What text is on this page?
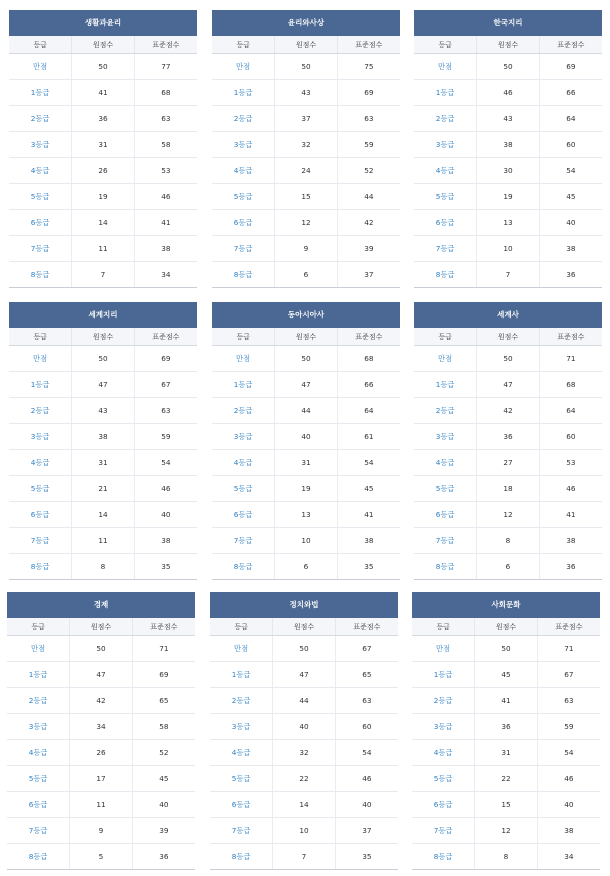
생활과윤리
등급	원점수	표준점수
만점	50	77
1등급	41	68
2등급	36	63
3등급	31	58
4등급	26	53
5등급	19	46
6등급	14	41
7등급	11	38
8등급	7	34
윤리와사상
등급	원점수	표준점수
만점	50	75
1등급	43	69
2등급	37	63
3등급	32	59
4등급	24	52
5등급	15	44
6등급	12	42
7등급	9	39
8등급	6	37
한국지리
등급	원점수	표준점수
만점	50	69
1등급	46	66
2등급	43	64
3등급	38	60
4등급	30	54
5등급	19	45
6등급	13	40
7등급	10	38
8등급	7	36
세계지리
등급	원점수	표준점수
만점	50	69
1등급	47	67
2등급	43	63
3등급	38	59
4등급	31	54
5등급	21	46
6등급	14	40
7등급	11	38
8등급	8	35
동아시아사
등급	원점수	표준점수
만점	50	68
1등급	47	66
2등급	44	64
3등급	40	61
4등급	31	54
5등급	19	45
6등급	13	41
7등급	10	38
8등급	6	35
세계사
등급	원점수	표준점수
만점	50	71
1등급	47	68
2등급	42	64
3등급	36	60
4등급	27	53
5등급	18	46
6등급	12	41
7등급	8	38
8등급	6	36
경제
등급	원점수	표준점수
만점	50	71
1등급	47	69
2등급	42	65
3등급	34	58
4등급	26	52
5등급	17	45
6등급	11	40
7등급	9	39
8등급	5	36
정치와법
등급	원점수	표준점수
만점	50	67
1등급	47	65
2등급	44	63
3등급	40	60
4등급	32	54
5등급	22	46
6등급	14	40
7등급	10	37
8등급	7	35
사회문화
등급	원점수	표준점수
만점	50	71
1등급	45	67
2등급	41	63
3등급	36	59
4등급	31	54
5등급	22	46
6등급	15	40
7등급	12	38
8등급	8	34
